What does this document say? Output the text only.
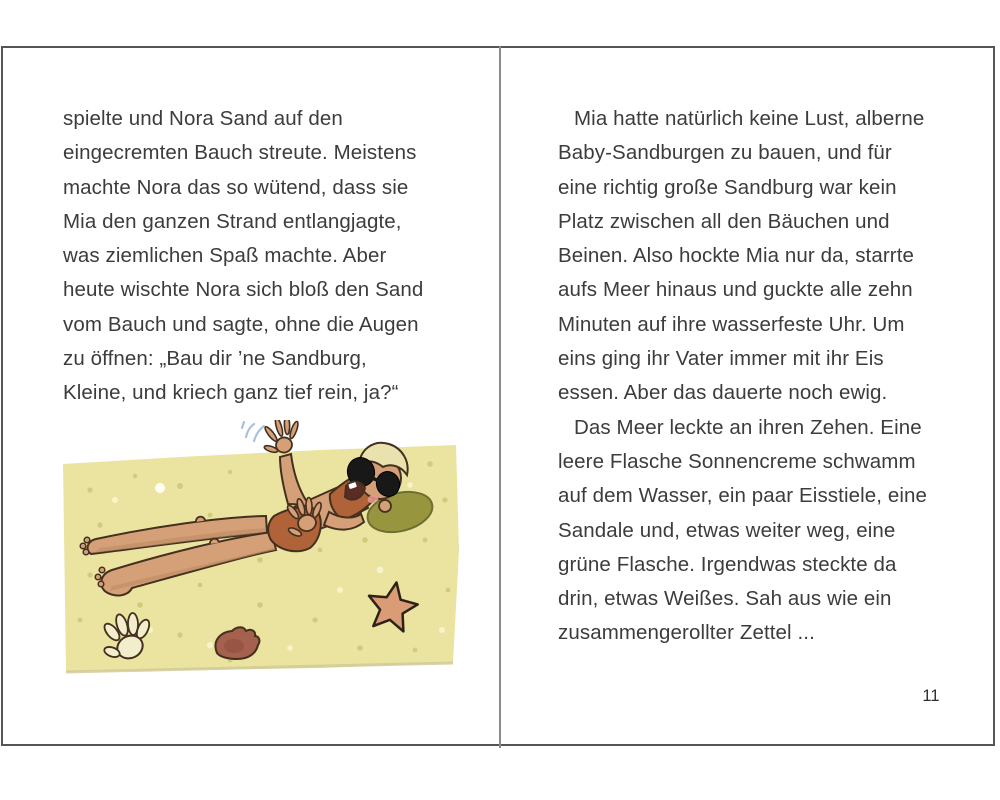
spielte und Nora Sand auf den
eingecremten Bauch streute. Meistens
machte Nora das so wütend, dass sie
Mia den ganzen Strand entlangjagte,
was ziemlichen Spaß machte. Aber
heute wischte Nora sich bloß den Sand
vom Bauch und sagte, ohne die Augen
zu öffnen: „Bau dir ’ne Sandburg,
Kleine, und kriech ganz tief rein, ja?“
Mia hatte natürlich keine Lust, alberne
Baby-Sandburgen zu bauen, und für
eine richtig große Sandburg war kein
Platz zwischen all den Bäuchen und
Beinen. Also hockte Mia nur da, starrte
aufs Meer hinaus und guckte alle zehn
Minuten auf ihre wasserfeste Uhr. Um
eins ging ihr Vater immer mit ihr Eis
essen. Aber das dauerte noch ewig.
Das Meer leckte an ihren Zehen. Eine
leere Flasche Sonnencreme schwamm
auf dem Wasser, ein paar Eisstiele, eine
Sandale und, etwas weiter weg, eine
grüne Flasche. Irgendwas steckte da
drin, etwas Weißes. Sah aus wie ein
zusammengerollter Zettel ...
11
